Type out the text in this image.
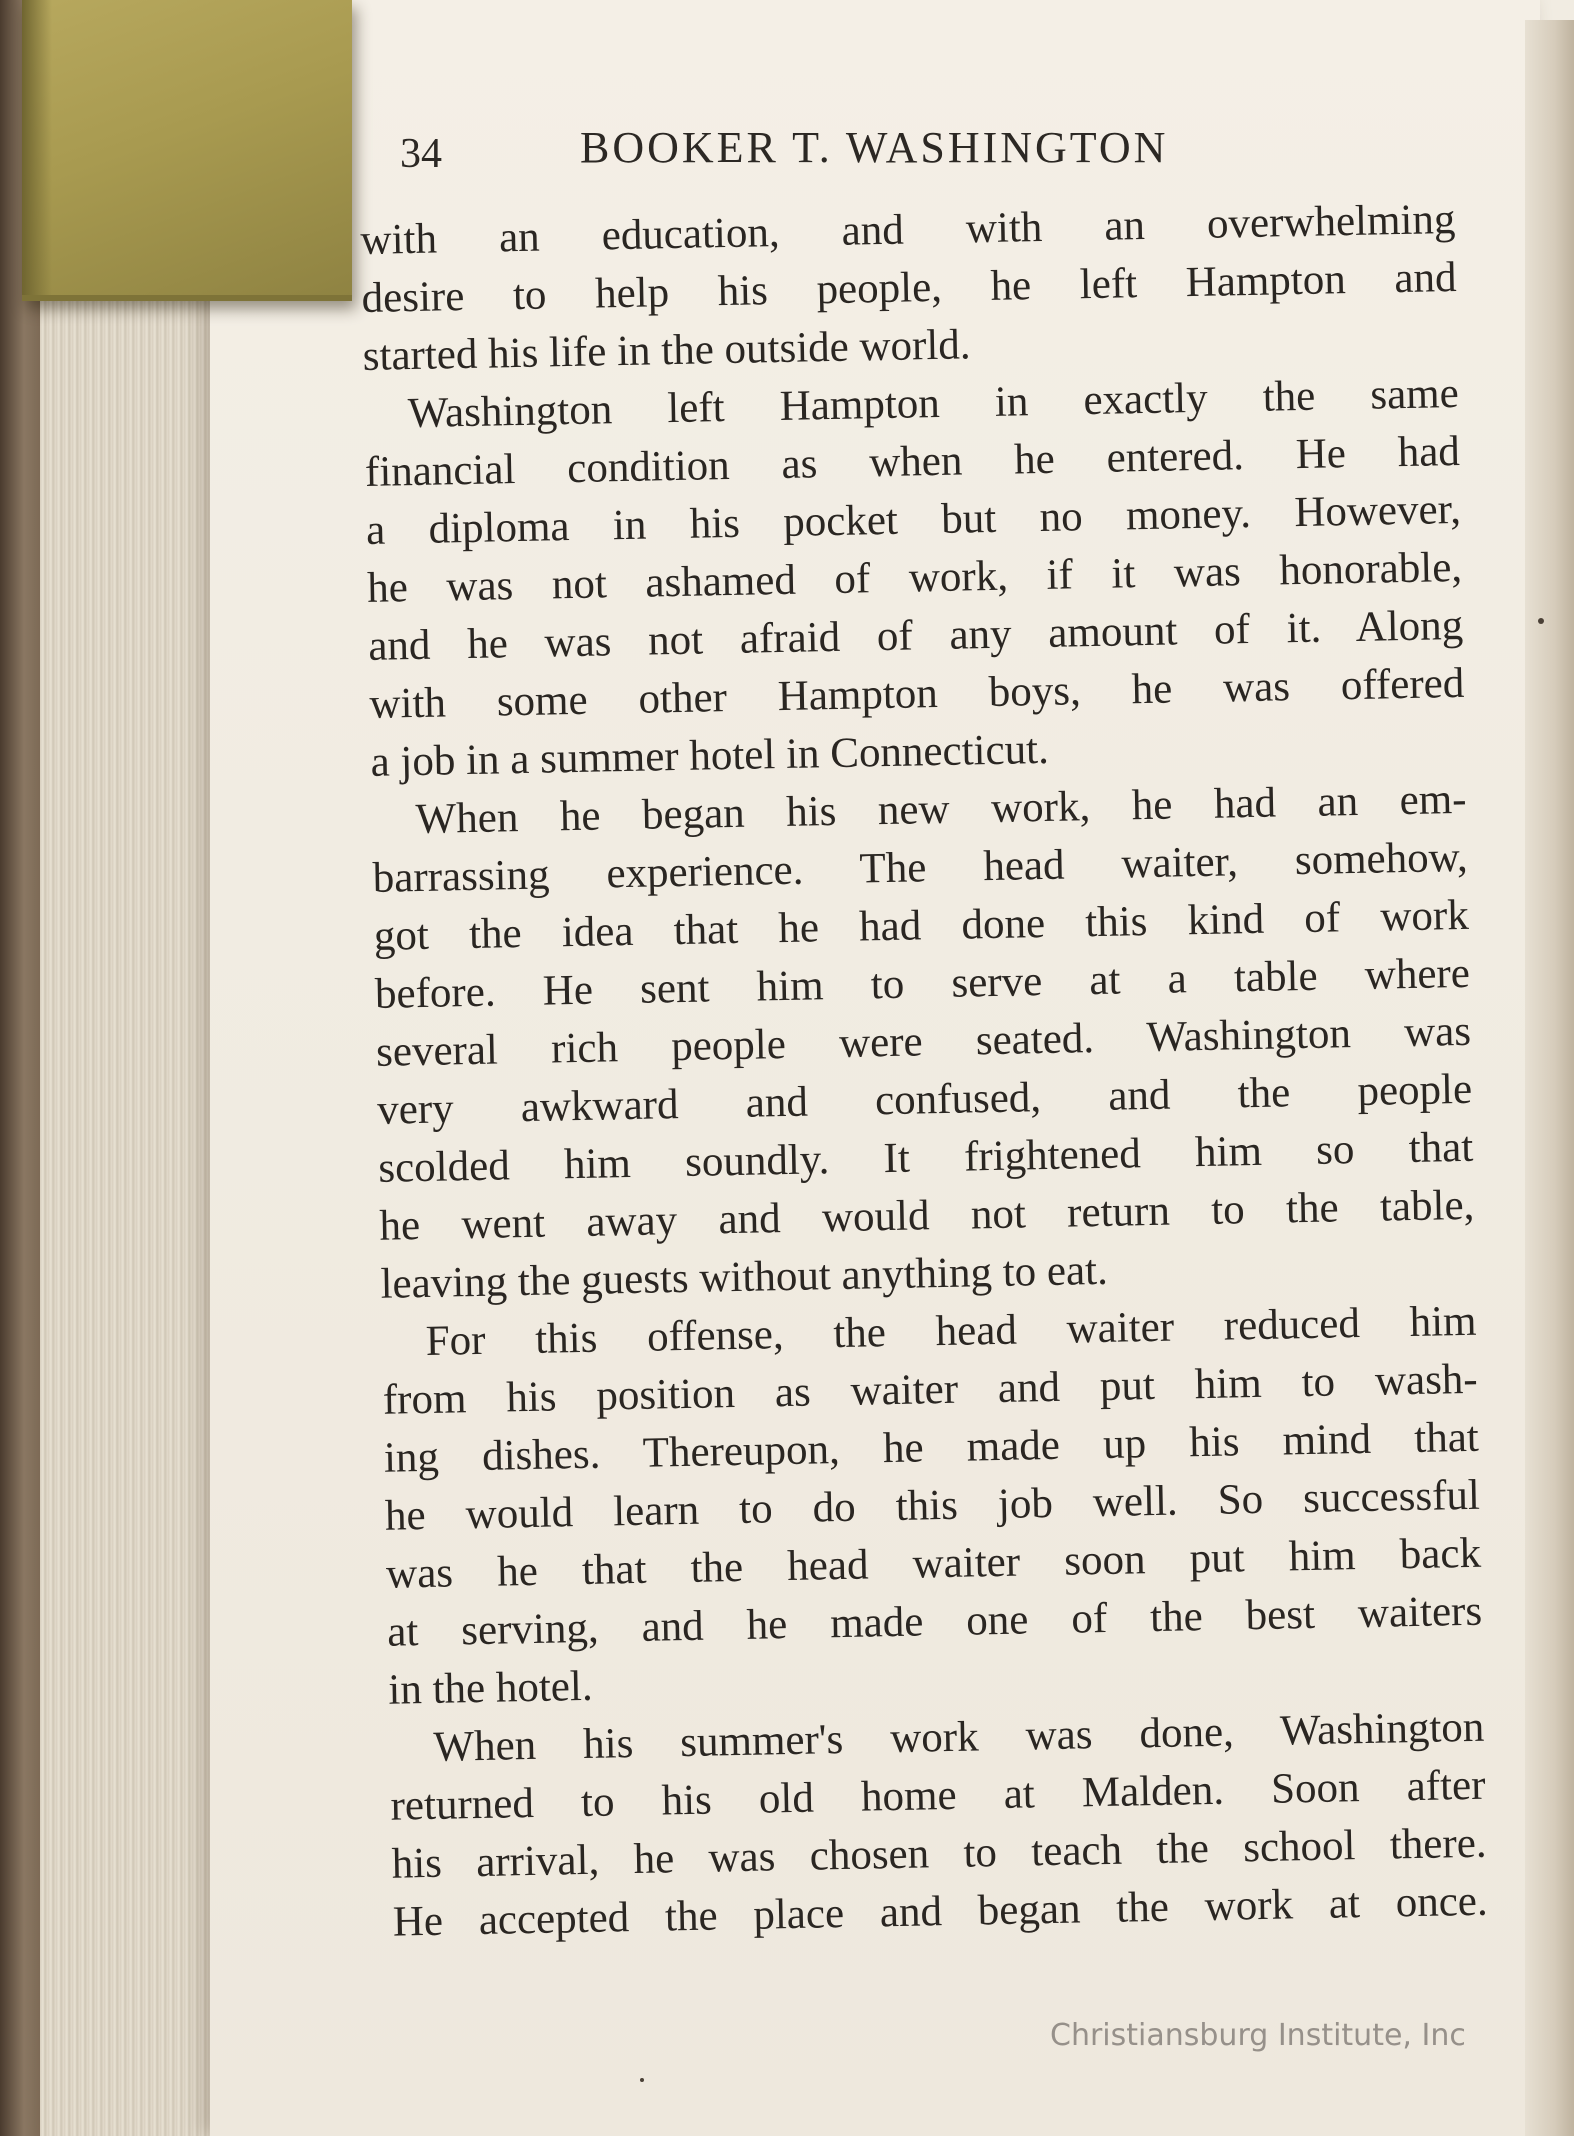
34	BOOKER T. WASHINGTON
with an education, and with an overwhelming
desire to help his people, he left Hampton and
started his life in the outside world.
Washington left Hampton in exactly the same
financial condition as when he entered. He had
a diploma in his pocket but no money. However,
he was not ashamed of work, if it was honorable,
and he was not afraid of any amount of it. Along
with some other Hampton boys, he was offered
a job in a summer hotel in Connecticut.
When he began his new work, he had an em-
barrassing experience. The head waiter, somehow,
got the idea that he had done this kind of work
before. He sent him to serve at a table where
several rich people were seated. Washington was
very awkward and confused, and the people
scolded him soundly. It frightened him so that
he went away and would not return to the table,
leaving the guests without anything to eat.
For this offense, the head waiter reduced him
from his position as waiter and put him to wash-
ing dishes. Thereupon, he made up his mind that
he would learn to do this job well. So successful
was he that the head waiter soon put him back
at serving, and he made one of the best waiters
in the hotel.
When his summer's work was done, Washington
returned to his old home at Malden. Soon after
his arrival, he was chosen to teach the school there.
He accepted the place and began the work at once.
Christiansburg Institute, Inc
